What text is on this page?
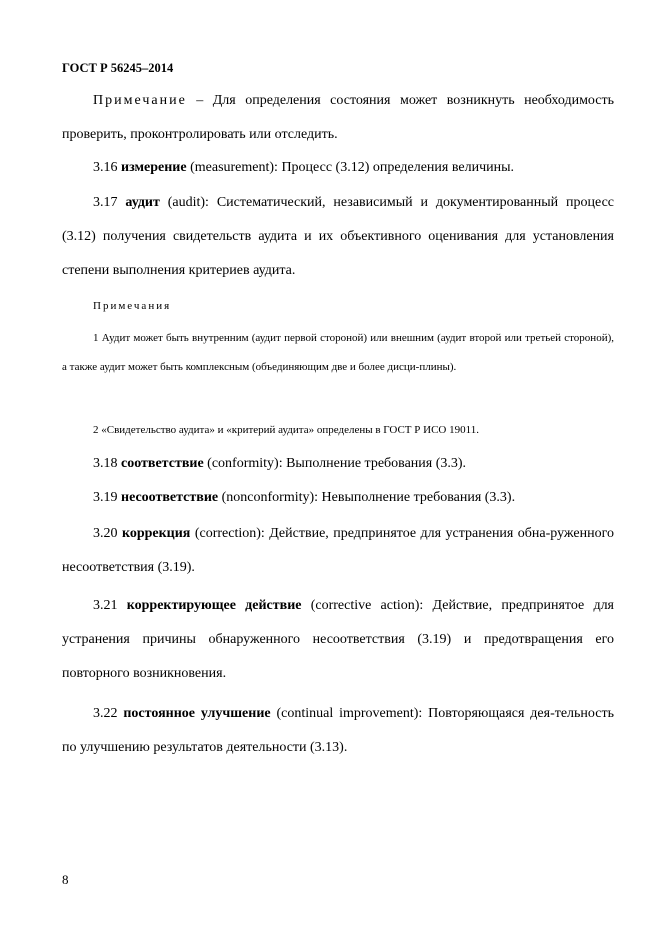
ГОСТ Р 56245–2014

Примечание – Для определения состояния может возникнуть необходимость проверить, проконтролировать или отследить.

3.16 измерение (measurement): Процесс (3.12) определения величины.

3.17 аудит (audit): Систематический, независимый и документированный процесс (3.12) получения свидетельств аудита и их объективного оценивания для установления степени выполнения критериев аудита.

Примечания

1 Аудит может быть внутренним (аудит первой стороной) или внешним (аудит второй или третьей стороной), а также аудит может быть комплексным (объединяющим две и более дисци-плины).

2 «Свидетельство аудита» и «критерий аудита» определены в ГОСТ Р ИСО 19011.

3.18 соответствие (conformity): Выполнение требования (3.3).

3.19 несоответствие (nonconformity): Невыполнение требования (3.3).

3.20 коррекция (correction): Действие, предпринятое для устранения обна-руженного несоответствия (3.19).

3.21 корректирующее действие (corrective action): Действие, предпринятое для устранения причины обнаруженного несоответствия (3.19) и предотвращения его повторного возникновения.

3.22 постоянное улучшение (continual improvement): Повторяющаяся дея-тельность по улучшению результатов деятельности (3.13).

8
